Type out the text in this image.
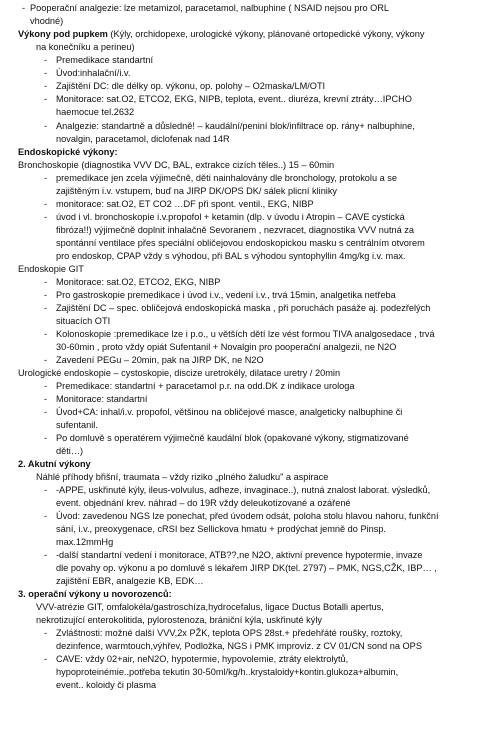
- Pooperační analgezie: lze metamizol, paracetamol, nalbuphine ( NSAID nejsou pro ORL
vhodné)
Výkony pod pupkem (Kýly, orchidopexe, urologické výkony, plánované ortopedické výkony, výkony
na konečníku a perineu)
- Premedikace standartní
- Úvod:inhalační/i.v.
- Zajištění DC: dle délky op. výkonu, op. polohy – O2maska/LM/OTI
- Monitorace: sat.O2, ETCO2, EKG, NIPB, teplota, event.. diuréza, krevní ztráty…IPCHO
haemocue tel.2632
- Analgezie: standartně a důsledně! – kaudální/peniní blok/infiltrace op. rány+ nalbuphine,
novalgin, paracetamol, diclofenak nad 14R
Endoskopické výkony:
Bronchoskopie (diagnostika VVV DC, BAL, extrakce cizích těles..) 15 – 60min
- premedikace jen zcela výjimečně, děti nainhalovány dle bronchology, protokolu a se
zajištěným i.v. vstupem, buď na JIRP DK/OPS DK/ sálek plicní kliniky
- monitorace: sat.O2, ET CO2 …DF při spont. ventil., EKG, NIBP
- úvod i vl. bronchoskopie i.v.propofol + ketamin (dlp. v úvodu i Atropin – CAVE cystická
fibróza!!) výjimečně doplnit inhalačně Sevoranem , nezvracet, diagnostika VVV nutná za
spontánní ventilace přes speciální obličejovou endoskopickou masku s centrálním otvorem
pro endoskop, CPAP vždy s výhodou, při BAL s výhodou syntophyllin 4mg/kg i.v. max.
Endoskopie GIT
- Monitorace: sat.O2, ETCO2, EKG, NIBP
- Pro gastroskopie premedikace i úvod i.v., vedení i.v., trvá 15min, analgetika netřeba
- Zajištění DC – spec. obličejová endoskopická maska , při poruchách pasáže aj. podezřelých
situacích OTI
- Kolonoskopie :premedikace lze i p.o., u větších dětí lze vést formou TIVA analgosedace , trvá
30-60min , proto vždy opiát Sufentanil + Novalgin pro pooperační analgezii, ne N2O
- Zavedení PEGu – 20min, pak na JIRP DK, ne N2O
Urologické endoskopie – cystoskopie, discize uretrokély, dilatace uretry / 20min
- Premedikace: standartní + paracetamol p.r. na odd.DK z indikace urologa
- Monitorace: standartní
- Úvod+CA: inhal/i.v. propofol, většinou na obličejové masce, analgeticky nalbuphine či
sufentanil.
- Po domluvě s operatérem výjimečně kaudální blok (opakované výkony, stigmatizované
děti…)
2. Akutní výkony
Náhlé příhody břišní, traumata – vždy riziko „plného žaludku" a aspirace
- -APPE, uskřinuté kýly, ileus-volvulus, adheze, invaginace..), nutná znalost laborat. výsledků,
event. objednání krev. náhrad – do 19R vždy deleukotizované a ozářené
- Úvod: zavedenou NGS lze ponechat, před úvodem odsát, poloha stolu hlavou nahoru, funkční
sání, i.v., preoxygenace, cRSI bez Sellickova hmatu + prodýchat jemně do Pinsp.
max.12mmHg
- -další standartní vedení i monitorace, ATB??,ne N2O, aktivní prevence hypotermie, invaze
dle povahy op. výkonu a po domluvě s lékařem JIRP DK(tel. 2797) – PMK, NGS,CŽK, IBP… ,
zajištění EBR, analgezie KB, EDK…
3. operační výkony u novorozenců:
VVV-atrézie GIT, omfalokéla/gastroschíza,hydrocefalus, ligace Ductus Botalli apertus,
nekrotizující enterokolitida, pylorostenoza, brániční kýla, uskřinuté kýly
- Zvláštnosti: možné další VVV,2x PŽK, teplota OPS 28st.+ předehřáté roušky, roztoky,
dezinfence, warmtouch,výhřev, Podložka, NGS i PMK improviz. z CV 01/CN sond na OPS
- CAVE: vždy 02+air, neN2O, hypotermie, hypovolemie, ztráty elektrolytů,
hypoproteinémie..potřeba tekutin 30-50ml/kg/h..krystaloidy+kontin.glukoza+albumin,
event.. koloidy či plasma
